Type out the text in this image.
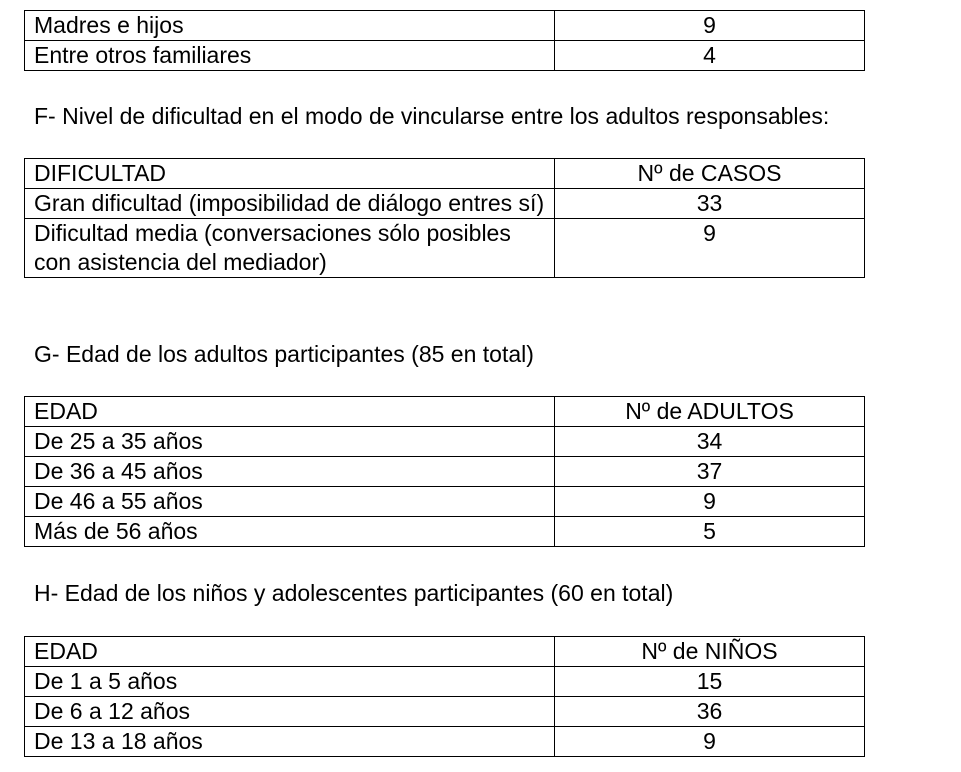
Madres e hijos	9
Entre otros familiares	4

F- Nivel de dificultad en el modo de vincularse entre los adultos responsables:

DIFICULTAD	Nº de CASOS
Gran dificultad (imposibilidad de diálogo entres sí)	33
Dificultad media (conversaciones sólo posibles con asistencia del mediador)	9

G- Edad de los adultos participantes (85 en total)

EDAD	Nº de ADULTOS
De 25 a 35 años	34
De 36 a 45 años	37
De 46 a 55 años	9
Más de 56 años	5

H- Edad de los niños y adolescentes participantes (60 en total)

EDAD	Nº de NIÑOS
De 1 a 5 años	15
De 6 a 12 años	36
De 13 a 18 años	9
